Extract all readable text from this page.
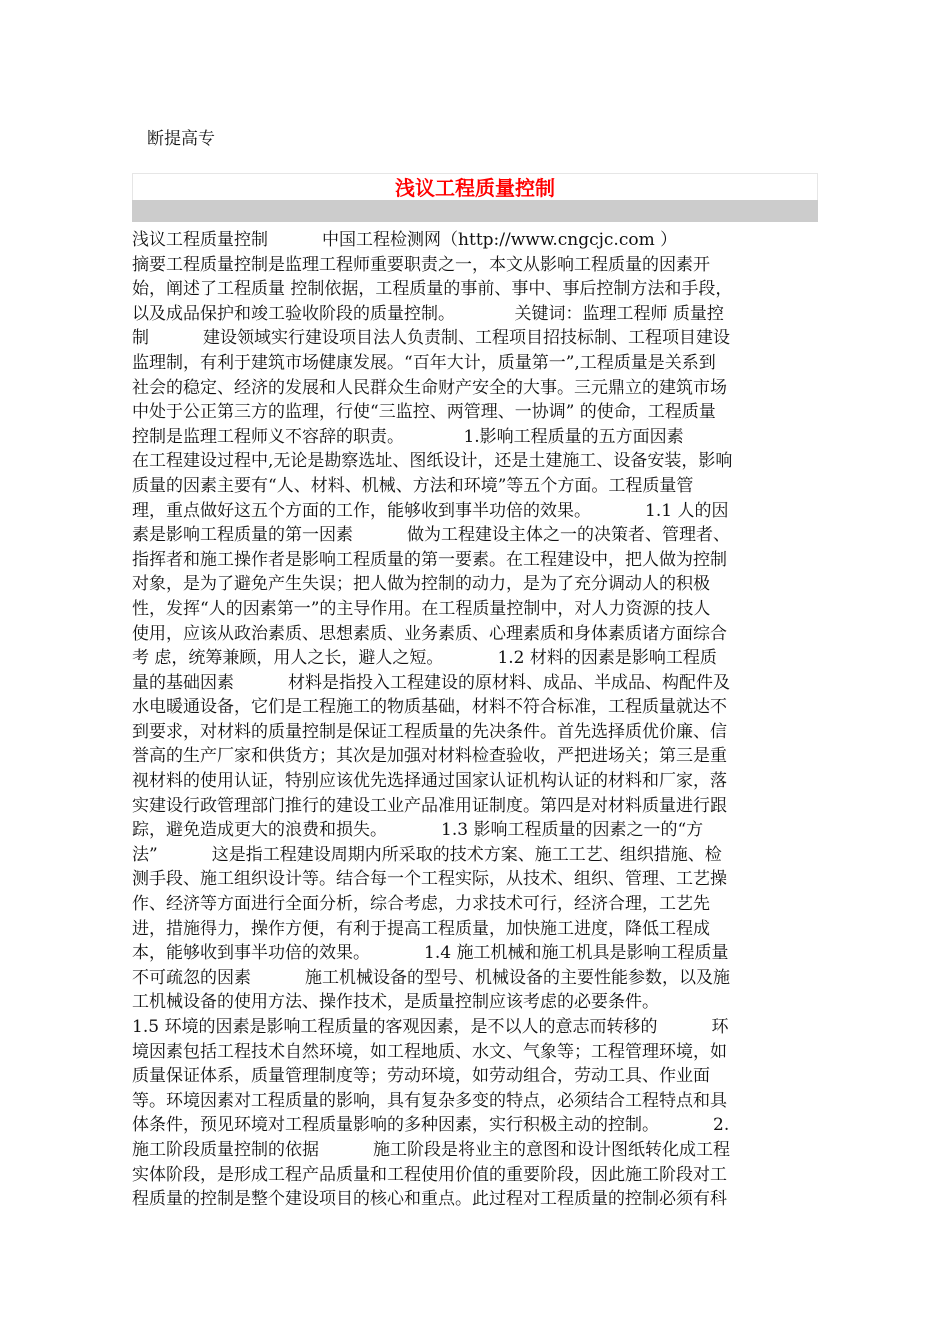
断提高专
浅议工程质量控制
浅议工程质量控制          中国工程检测网（http://www.cngcjc.com ）
摘要工程质量控制是监理工程师重要职责之一，本文从影响工程质量的因素开
始，阐述了工程质量 控制依据，工程质量的事前、事中、事后控制方法和手段，
以及成品保护和竣工验收阶段的质量控制。           关键词：监理工程师 质量控
制          建设领域实行建设项目法人负责制、工程项目招技标制、工程项目建设
监理制，有利于建筑市场健康发展。“百年大计，质量第一”,工程质量是关系到
社会的稳定、经济的发展和人民群众生命财产安全的大事。三元鼎立的建筑市场
中处于公正第三方的监理，行使“三监控、两管理、一协调” 的使命，工程质量
控制是监理工程师义不容辞的职责。           1.影响工程质量的五方面因素
在工程建设过程中,无论是勘察选址、图纸设计，还是土建施工、设备安装，影响
质量的因素主要有“人、材料、机械、方法和环境”等五个方面。工程质量管
理，重点做好这五个方面的工作，能够收到事半功倍的效果。          1.1 人的因
素是影响工程质量的第一因素          做为工程建设主体之一的决策者、管理者、
指挥者和施工操作者是影响工程质量的第一要素。在工程建设中，把人做为控制
对象，是为了避免产生失误；把人做为控制的动力，是为了充分调动人的积极
性，发挥“人的因素第一”的主导作用。在工程质量控制中，对人力资源的技人
使用，应该从政治素质、思想素质、业务素质、心理素质和身体素质诸方面综合
考 虑，统筹兼顾，用人之长，避人之短。          1.2 材料的因素是影响工程质
量的基础因素          材料是指投入工程建设的原材料、成品、半成品、构配件及
水电暖通设备，它们是工程施工的物质基础，材料不符合标准，工程质量就达不
到要求，对材料的质量控制是保证工程质量的先决条件。首先选择质优价廉、信
誉高的生产厂家和供货方；其次是加强对材料检查验收，严把进场关；第三是重
视材料的使用认证，特别应该优先选择通过国家认证机构认证的材料和厂家，落
实建设行政管理部门推行的建设工业产品准用证制度。第四是对材料质量进行跟
踪，避免造成更大的浪费和损失。          1.3 影响工程质量的因素之一的“方
法”          这是指工程建设周期内所采取的技术方案、施工工艺、组织措施、检
测手段、施工组织设计等。结合每一个工程实际，从技术、组织、管理、工艺操
作、经济等方面进行全面分析，综合考虑，力求技术可行，经济合理，工艺先
进，措施得力，操作方便，有利于提高工程质量，加快施工进度，降低工程成
本，能够收到事半功倍的效果。          1.4 施工机械和施工机具是影响工程质量
不可疏忽的因素          施工机械设备的型号、机械设备的主要性能参数，以及施
工机械设备的使用方法、操作技术，是质量控制应该考虑的必要条件。
1.5 环境的因素是影响工程质量的客观因素，是不以人的意志而转移的          环
境因素包括工程技术自然环境，如工程地质、水文、气象等；工程管理环境，如
质量保证体系，质量管理制度等；劳动环境，如劳动组合，劳动工具、作业面
等。环境因素对工程质量的影响，具有复杂多变的特点，必须结合工程特点和具
体条件，预见环境对工程质量影响的多种因素，实行积极主动的控制。          2.
施工阶段质量控制的依据          施工阶段是将业主的意图和设计图纸转化成工程
实体阶段，是形成工程产品质量和工程使用价值的重要阶段，因此施工阶段对工
程质量的控制是整个建设项目的核心和重点。此过程对工程质量的控制必须有科
